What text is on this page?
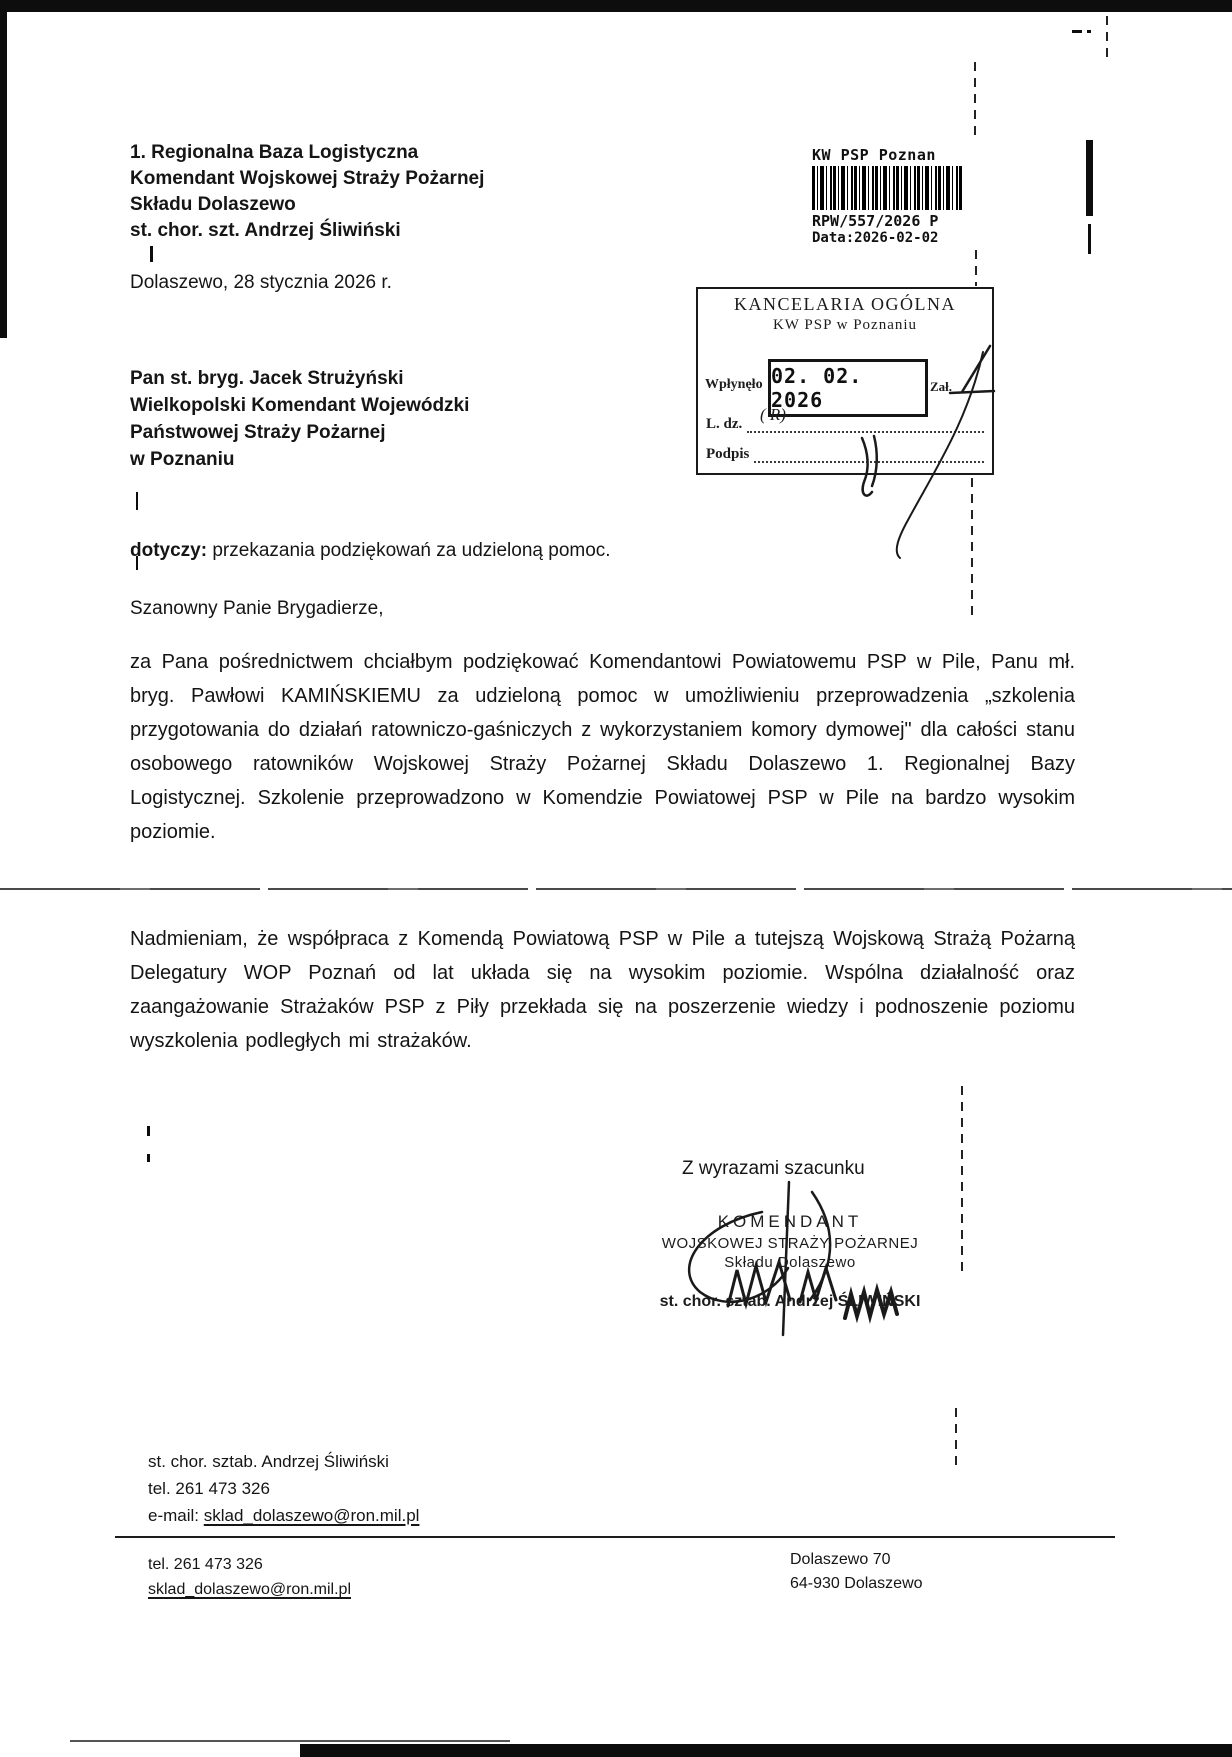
1. Regionalna Baza Logistyczna
Komendant Wojskowej Straży Pożarnej
Składu Dolaszewo
st. chor. szt. Andrzej Śliwiński
KW PSP Poznan
RPW/557/2026 P
Data:2026-02-02
Dolaszewo, 28 stycznia 2026 r.
KANCELARIA OGÓLNA
KW PSP w Poznaniu
Wpłynęło 02. 02. 2026
Zał.
L. dz. ( R)
Podpis
Pan st. bryg. Jacek Strużyński
Wielkopolski Komendant Wojewódzki
Państwowej Straży Pożarnej
w Poznaniu
dotyczy: przekazania podziękowań za udzieloną pomoc.
Szanowny Panie Brygadierze,
za Pana pośrednictwem chciałbym podziękować Komendantowi Powiatowemu PSP w Pile, Panu mł. bryg. Pawłowi KAMIŃSKIEMU za udzieloną pomoc w umożliwieniu przeprowadzenia „szkolenia przygotowania do działań ratowniczo-gaśniczych z wykorzystaniem komory dymowej" dla całości stanu osobowego ratowników Wojskowej Straży Pożarnej Składu Dolaszewo 1. Regionalnej Bazy Logistycznej. Szkolenie przeprowadzono w Komendzie Powiatowej PSP w Pile na bardzo wysokim poziomie.
Nadmieniam, że współpraca z Komendą Powiatową PSP w Pile a tutejszą Wojskową Strażą Pożarną Delegatury WOP Poznań od lat układa się na wysokim poziomie. Wspólna działalność oraz zaangażowanie Strażaków PSP z Piły przekłada się na poszerzenie wiedzy i podnoszenie poziomu wyszkolenia podległych mi strażaków.
Z wyrazami szacunku
KOMENDANT
WOJSKOWEJ STRAŻY POŻARNEJ
Składu Dolaszewo
st. chor. sztab. Andrzej ŚLIWIŃSKI
st. chor. sztab. Andrzej Śliwiński
tel. 261 473 326
e-mail: sklad_dolaszewo@ron.mil.pl
tel. 261 473 326
sklad_dolaszewo@ron.mil.pl
Dolaszewo 70
64-930 Dolaszewo
